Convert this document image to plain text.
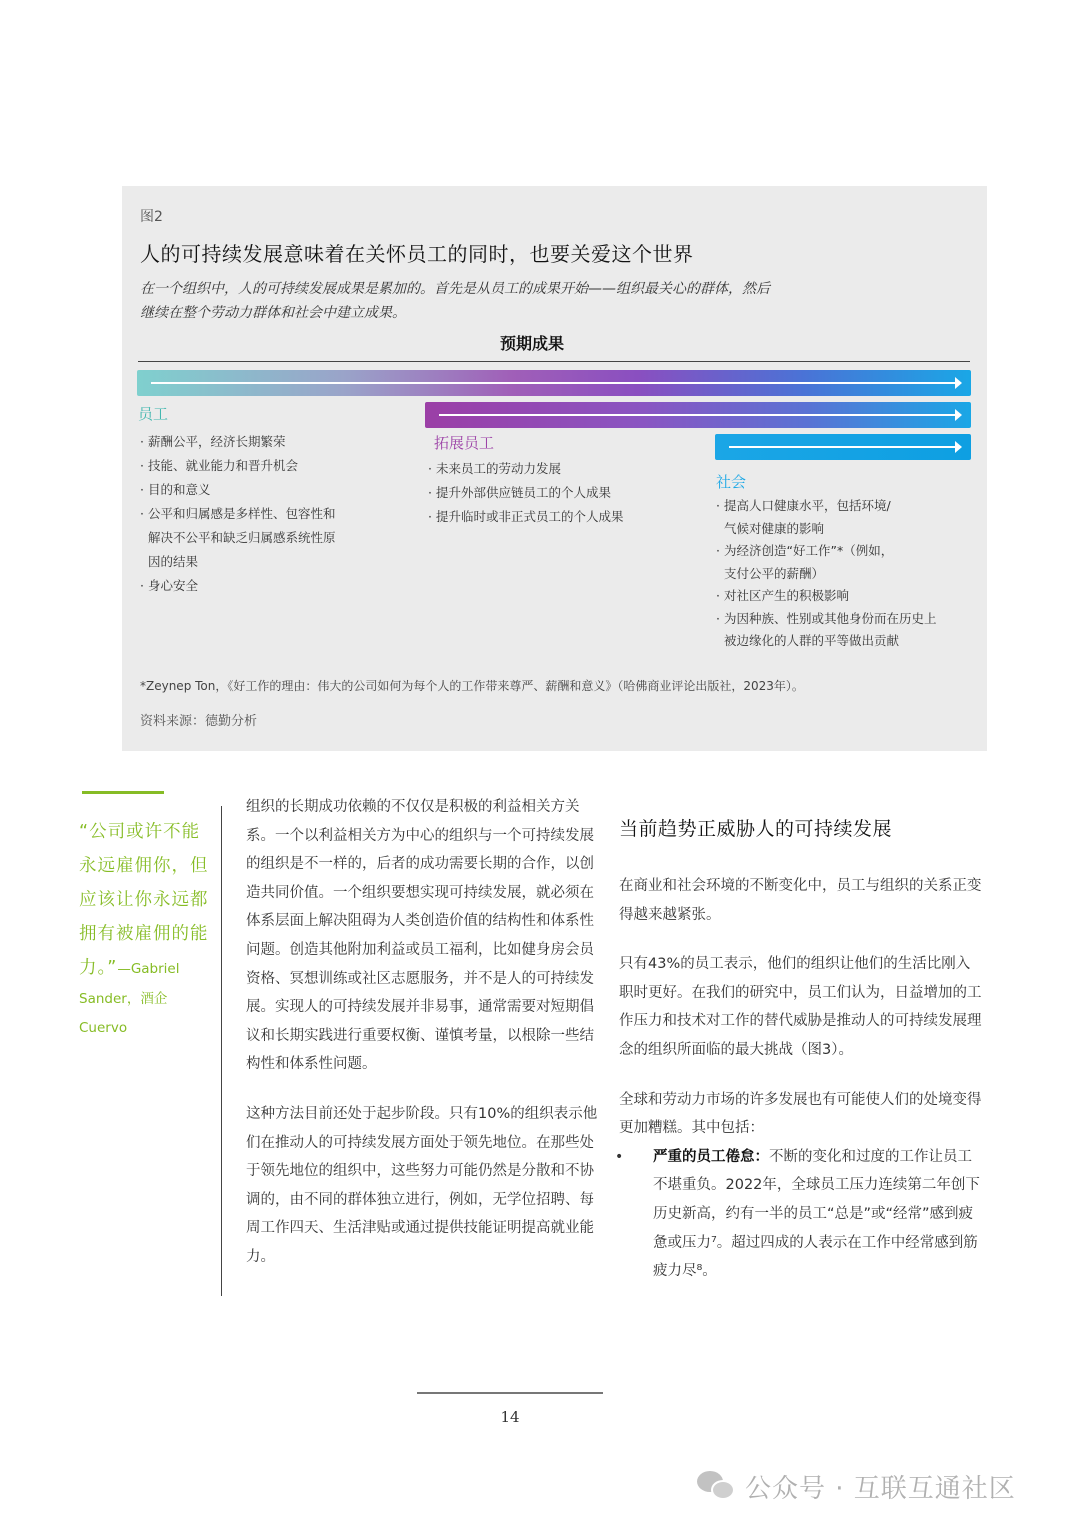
图2
人的可持续发展意味着在关怀员工的同时，也要关爱这个世界
在一个组织中，人的可持续发展成果是累加的。首先是从员工的成果开始——组织最关心的群体，然后
继续在整个劳动力群体和社会中建立成果。
预期成果
员工
· 薪酬公平，经济长期繁荣
· 技能、就业能力和晋升机会
· 目的和意义
· 公平和归属感是多样性、包容性和
解决不公平和缺乏归属感系统性原
因的结果
· 身心安全
拓展员工
· 未来员工的劳动力发展
· 提升外部供应链员工的个人成果
· 提升临时或非正式员工的个人成果
社会
· 提高人口健康水平，包括环境/
气候对健康的影响
· 为经济创造“好工作”*（例如，
支付公平的薪酬）
· 对社区产生的积极影响
· 为因种族、性别或其他身份而在历史上
被边缘化的人群的平等做出贡献
*Zeynep Ton，《好工作的理由：伟大的公司如何为每个人的工作带来尊严、薪酬和意义》（哈佛商业评论出版社，2023年）。
资料来源：德勤分析
“公司或许不能
永远雇佣你，但
应该让你永远都
拥有被雇佣的能
力。”—Gabriel
Sander，酒企
Cuervo

组织的长期成功依赖的不仅仅是积极的利益相关方关系。一个以利益相关方为中心的组织与一个可持续发展的组织是不一样的，后者的成功需要长期的合作，以创造共同价值。一个组织要想实现可持续发展，就必须在体系层面上解决阻碍为人类创造价值的结构性和体系性问题。创造其他附加利益或员工福利，比如健身房会员资格、冥想训练或社区志愿服务，并不是人的可持续发展。实现人的可持续发展并非易事，通常需要对短期倡议和长期实践进行重要权衡、谨慎考量，以根除一些结构性和体系性问题。

这种方法目前还处于起步阶段。只有10%的组织表示他们在推动人的可持续发展方面处于领先地位。在那些处于领先地位的组织中，这些努力可能仍然是分散和不协调的，由不同的群体独立进行，例如，无学位招聘、每周工作四天、生活津贴或通过提供技能证明提高就业能力。

当前趋势正威胁人的可持续发展

在商业和社会环境的不断变化中，员工与组织的关系正变得越来越紧张。

只有43%的员工表示，他们的组织让他们的生活比刚入职时更好。在我们的研究中，员工们认为，日益增加的工作压力和技术对工作的替代威胁是推动人的可持续发展理念的组织所面临的最大挑战（图3）。

全球和劳动力市场的许多发展也有可能使人们的处境变得更加糟糕。其中包括：

• 严重的员工倦怠：不断的变化和过度的工作让员工不堪重负。2022年，全球员工压力连续第二年创下历史新高，约有一半的员工“总是”或“经常”感到疲惫或压力⁷。超过四成的人表示在工作中经常感到筋疲力尽⁸。
14
公众号 · 互联互通社区
